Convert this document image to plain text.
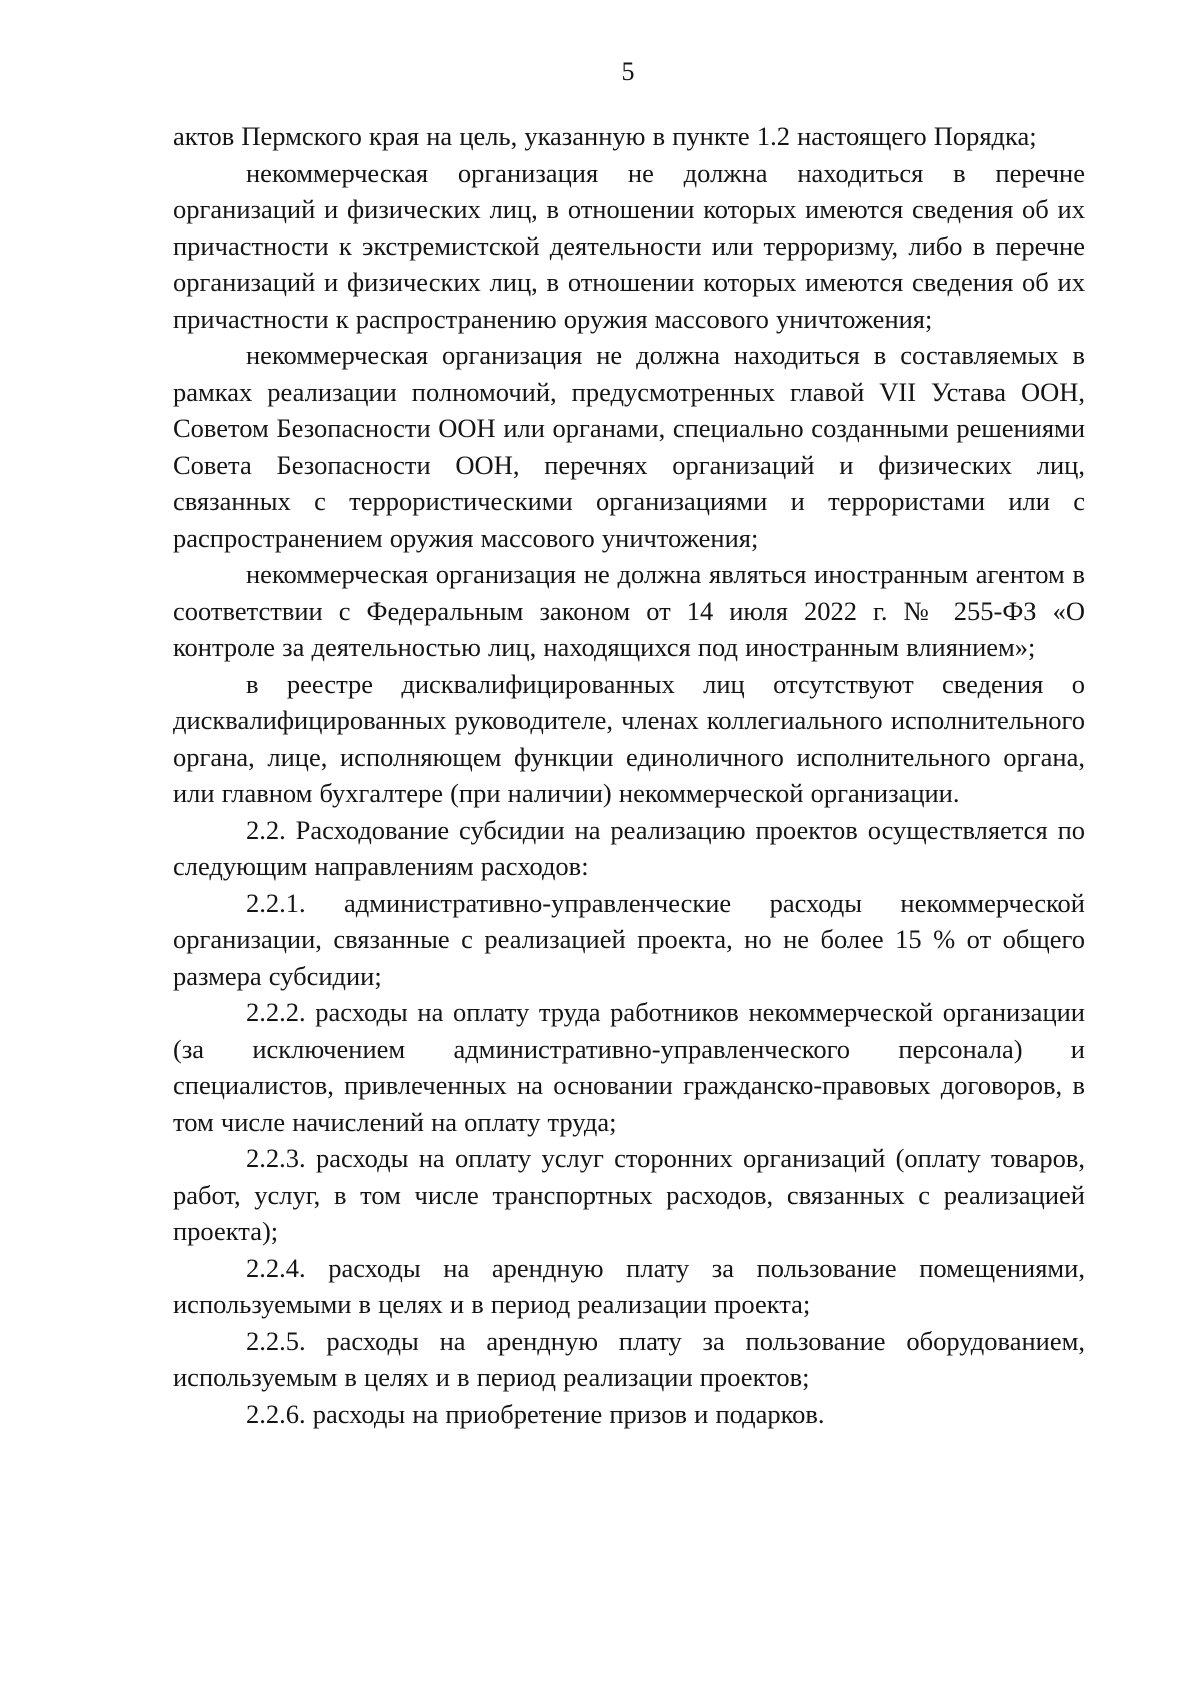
5

актов Пермского края на цель, указанную в пункте 1.2 настоящего Порядка;

некоммерческая организация не должна находиться в перечне организаций и физических лиц, в отношении которых имеются сведения об их причастности к экстремистской деятельности или терроризму, либо в перечне организаций и физических лиц, в отношении которых имеются сведения об их причастности к распространению оружия массового уничтожения;

некоммерческая организация не должна находиться в составляемых в рамках реализации полномочий, предусмотренных главой VII Устава ООН, Советом Безопасности ООН или органами, специально созданными решениями Совета Безопасности ООН, перечнях организаций и физических лиц, связанных с террористическими организациями и террористами или с распространением оружия массового уничтожения;

некоммерческая организация не должна являться иностранным агентом в соответствии с Федеральным законом от 14 июля 2022 г. № 255-ФЗ «О контроле за деятельностью лиц, находящихся под иностранным влиянием»;

в реестре дисквалифицированных лиц отсутствуют сведения о дисквалифицированных руководителе, членах коллегиального исполнительного органа, лице, исполняющем функции единоличного исполнительного органа, или главном бухгалтере (при наличии) некоммерческой организации.

2.2. Расходование субсидии на реализацию проектов осуществляется по следующим направлениям расходов:

2.2.1. административно-управленческие расходы некоммерческой организации, связанные с реализацией проекта, но не более 15 % от общего размера субсидии;

2.2.2. расходы на оплату труда работников некоммерческой организации (за исключением административно-управленческого персонала) и специалистов, привлеченных на основании гражданско-правовых договоров, в том числе начислений на оплату труда;

2.2.3. расходы на оплату услуг сторонних организаций (оплату товаров, работ, услуг, в том числе транспортных расходов, связанных с реализацией проекта);

2.2.4. расходы на арендную плату за пользование помещениями, используемыми в целях и в период реализации проекта;

2.2.5. расходы на арендную плату за пользование оборудованием, используемым в целях и в период реализации проектов;

2.2.6. расходы на приобретение призов и подарков.
